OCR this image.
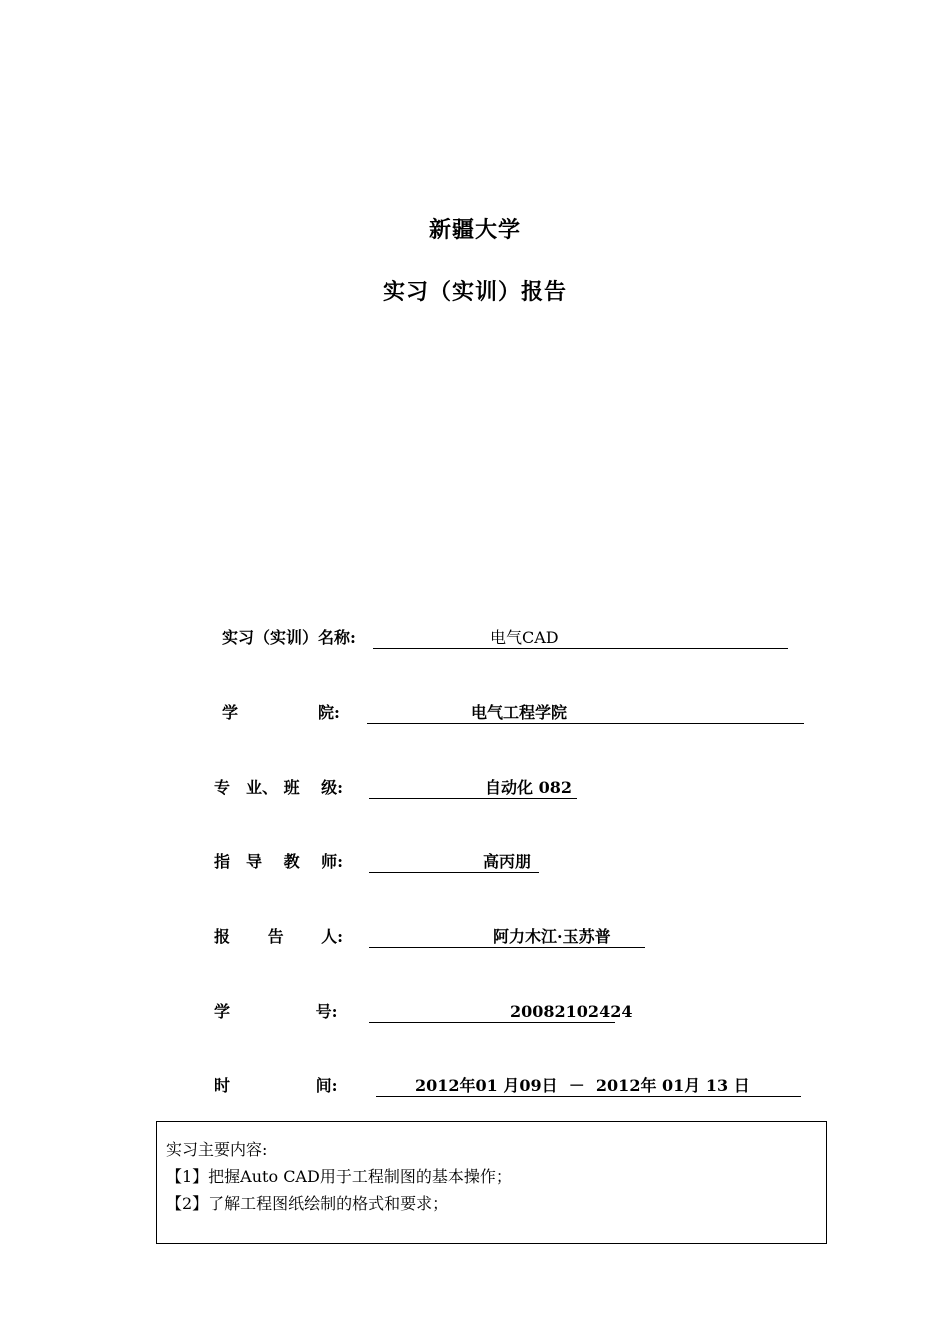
新疆大学
实习（实训）报告
实习（实训）名称:	电气CAD
学　　　　　院:	电气工程学院
专　业、 班　 级:	自动化 082
指　导　 教　 师:	高丙朋
报　　 告　　 人:	阿力木江·玉苏普
学　　　　　 号:	20082102424
时　　　　　 间:	2012年01 月09日  －  2012年 01月 13 日
实习主要内容:
【1】把握Auto CAD用于工程制图的基本操作；
【2】了解工程图纸绘制的格式和要求；
